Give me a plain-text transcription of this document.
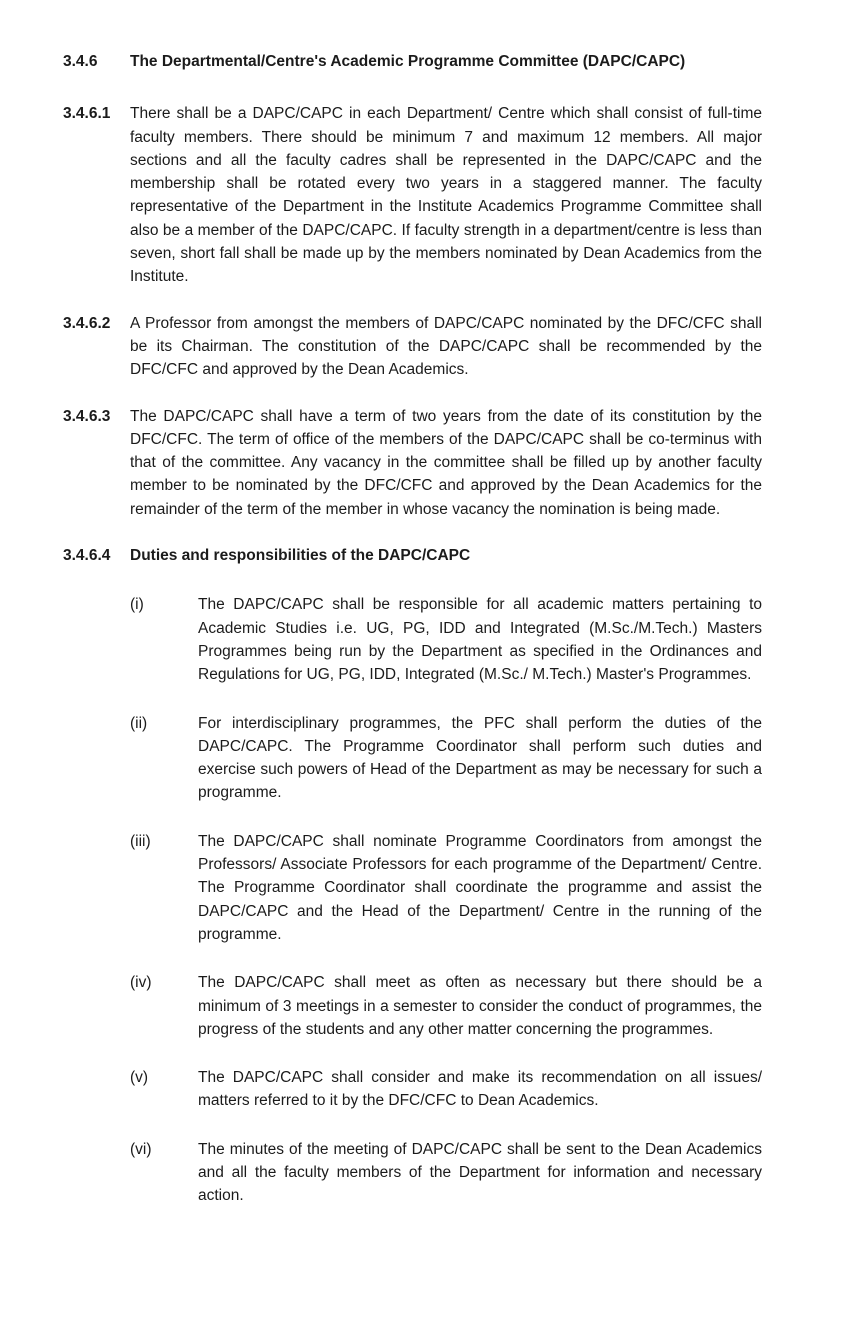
3.4.6	The Departmental/Centre's Academic Programme Committee (DAPC/CAPC)
3.4.6.1	There shall be a DAPC/CAPC in each Department/ Centre which shall consist of full-time faculty members. There should be minimum 7 and maximum 12 members. All major sections and all the faculty cadres shall be represented in the DAPC/CAPC and the membership shall be rotated every two years in a staggered manner. The faculty representative of the Department in the Institute Academics Programme Committee shall also be a member of the DAPC/CAPC. If faculty strength in a department/centre is less than seven, short fall shall be made up by the members nominated by Dean Academics from the Institute.
3.4.6.2	A Professor from amongst the members of DAPC/CAPC nominated by the DFC/CFC shall be its Chairman. The constitution of the DAPC/CAPC shall be recommended by the DFC/CFC and approved by the Dean Academics.
3.4.6.3	The DAPC/CAPC shall have a term of two years from the date of its constitution by the DFC/CFC. The term of office of the members of the DAPC/CAPC shall be co-terminus with that of the committee. Any vacancy in the committee shall be filled up by another faculty member to be nominated by the DFC/CFC and approved by the Dean Academics for the remainder of the term of the member in whose vacancy the nomination is being made.
3.4.6.4	Duties and responsibilities of the DAPC/CAPC
(i)	The DAPC/CAPC shall be responsible for all academic matters pertaining to Academic Studies i.e. UG, PG, IDD and Integrated (M.Sc./M.Tech.) Masters Programmes being run by the Department as specified in the Ordinances and Regulations for UG, PG, IDD, Integrated (M.Sc./ M.Tech.) Master's Programmes.
(ii)	For interdisciplinary programmes, the PFC shall perform the duties of the DAPC/CAPC. The Programme Coordinator shall perform such duties and exercise such powers of Head of the Department as may be necessary for such a programme.
(iii)	The DAPC/CAPC shall nominate Programme Coordinators from amongst the Professors/ Associate Professors for each programme of the Department/ Centre. The Programme Coordinator shall coordinate the programme and assist the DAPC/CAPC and the Head of the Department/ Centre in the running of the programme.
(iv)	The DAPC/CAPC shall meet as often as necessary but there should be a minimum of 3 meetings in a semester to consider the conduct of programmes, the progress of the students and any other matter concerning the programmes.
(v)	The DAPC/CAPC shall consider and make its recommendation on all issues/ matters referred to it by the DFC/CFC to Dean Academics.
(vi)	The minutes of the meeting of DAPC/CAPC shall be sent to the Dean Academics and all the faculty members of the Department for information and necessary action.
